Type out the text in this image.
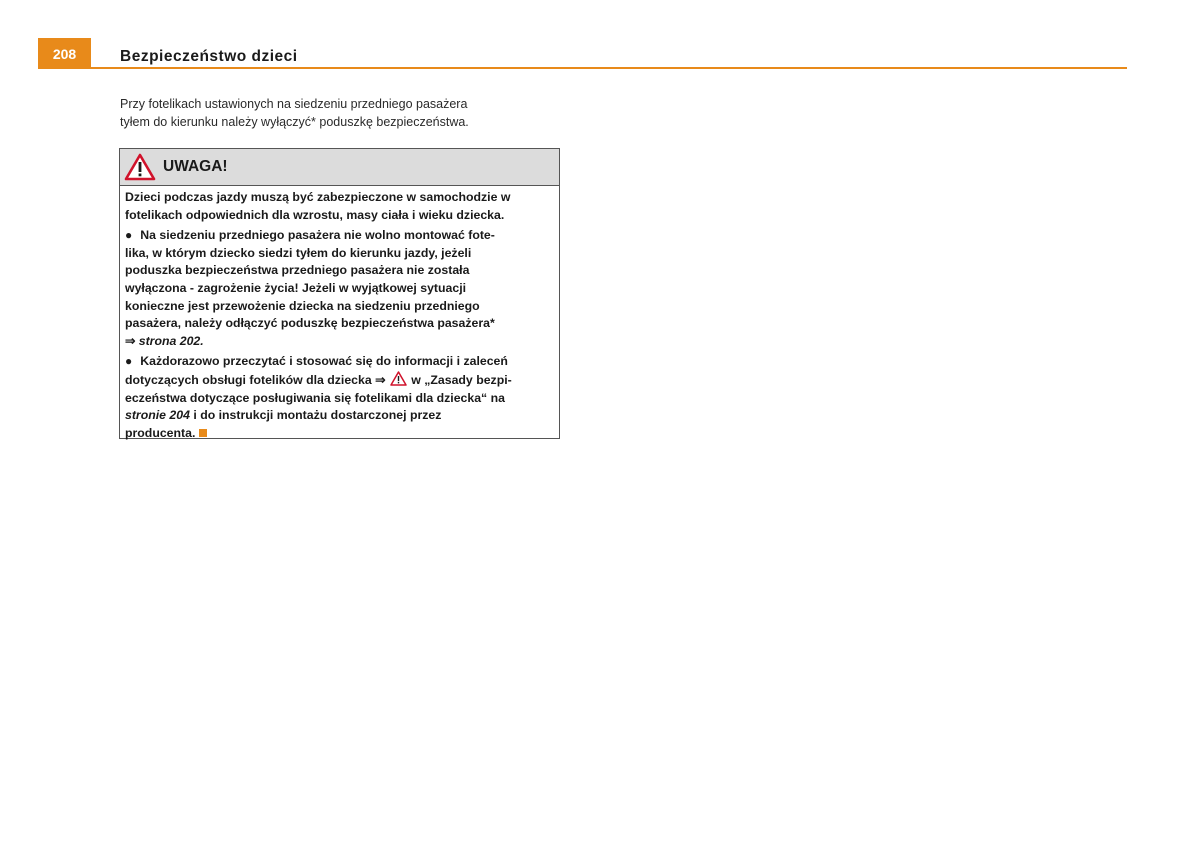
208	Bezpieczeństwo dzieci
Przy fotelikach ustawionych na siedzeniu przedniego pasażera
tyłem do kierunku należy wyłączyć* poduszkę bezpieczeństwa.
UWAGA!

Dzieci podczas jazdy muszą być zabezpieczone w samochodzie w
fotelikach odpowiednich dla wzrostu, masy ciała i wieku dziecka.

● Na siedzeniu przedniego pasażera nie wolno montować fote-
lika, w którym dziecko siedzi tyłem do kierunku jazdy, jeżeli
poduszka bezpieczeństwa przedniego pasażera nie została
wyłączona - zagrożenie życia! Jeżeli w wyjątkowej sytuacji
konieczne jest przewożenie dziecka na siedzeniu przedniego
pasażera, należy odłączyć poduszkę bezpieczeństwa pasażera*
⇒ strona 202.

● Każdorazowo przeczytać i stosować się do informacji i zaleceń
dotyczących obsługi fotelików dla dziecka ⇒ w „Zasady bezpi-
eczeństwa dotyczące posługiwania się fotelikami dla dziecka“ na
stronie 204 i do instrukcji montażu dostarczonej przez
producenta.
